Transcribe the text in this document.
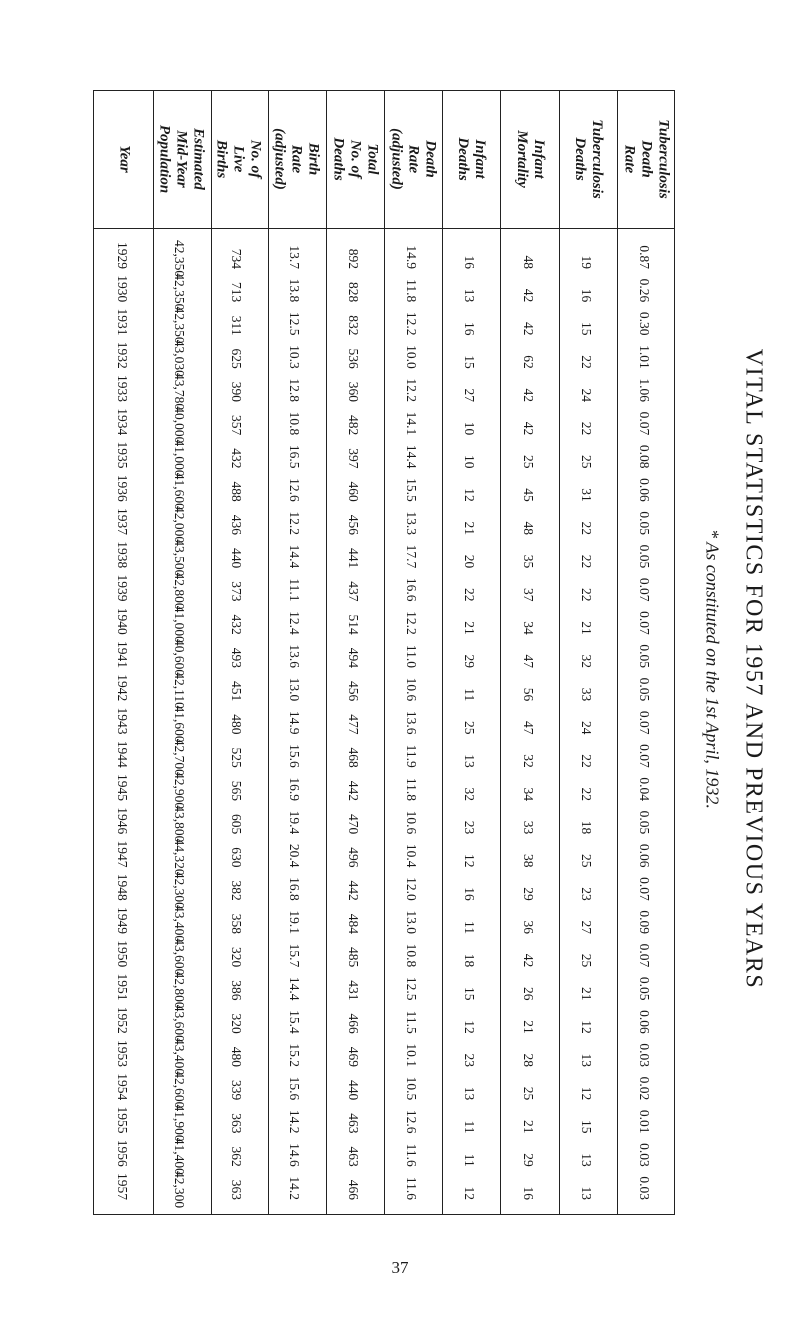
VITAL STATISTICS FOR 1957 AND PREVIOUS YEARS
* As constituted on the 1st April, 1932.
37
Year
1929
1930
1931
1932
1933
1934
1935
1936
1937
1938
1939
1940
1941
1942
1943
1944
1945
1946
1947
1948
1949
1950
1951
1952
1953
1954
1955
1956
1957
Estimated
Mid-Year
Population
42,350
42,350
42,350
43,030
43,780
40,000
41,000
41,600
42,000
43,500
42,800
41,000
40,600
42,110
41,600
42,700
42,900
43,800
44,320
42,300
43,400
43,600
42,800
43,600
43,400
42,600
41,900
41,400
42,300
No. of
Live
Births
734
713
311
625
390
357
432
488
436
440
373
432
493
451
480
525
565
605
630
382
358
320
386
320
480
339
363
362
363
Birth
Rate
(adjusted)
13.7
13.8
12.5
10.3
12.8
10.8
16.5
12.6
12.2
14.4
11.1
12.4
13.6
13.0
14.9
15.6
16.9
19.4
20.4
16.8
19.1
15.7
14.4
15.4
15.2
15.6
14.2
14.6
14.2
Total
No. of
Deaths
892
828
832
536
360
482
397
460
456
441
437
514
494
456
477
468
442
470
496
442
484
485
431
466
469
440
463
463
466
Death
Rate
(adjusted)
14.9
11.8
12.2
10.0
12.2
14.1
14.4
15.5
13.3
17.7
16.6
12.2
11.0
10.6
13.6
11.9
11.8
10.6
10.4
12.0
13.0
10.8
12.5
11.5
10.1
10.5
12.6
11.6
11.6
Infant
Deaths
16
13
16
15
27
10
10
12
21
20
22
21
29
11
25
13
32
23
12
16
11
18
15
12
23
13
11
11
12
Infant
Mortality
48
42
42
62
42
42
25
45
48
35
37
34
47
56
47
32
34
33
38
29
36
42
26
21
28
25
21
29
16
Tuberculosis
Deaths
19
16
15
22
24
22
25
31
22
22
22
21
32
33
24
22
22
18
25
23
27
25
21
12
13
12
15
13
13
Tuberculosis
Death
Rate
0.87
0.26
0.30
1.01
1.06
0.07
0.08
0.06
0.05
0.05
0.07
0.07
0.05
0.05
0.07
0.07
0.04
0.05
0.06
0.07
0.09
0.07
0.05
0.06
0.03
0.02
0.01
0.03
0.03
